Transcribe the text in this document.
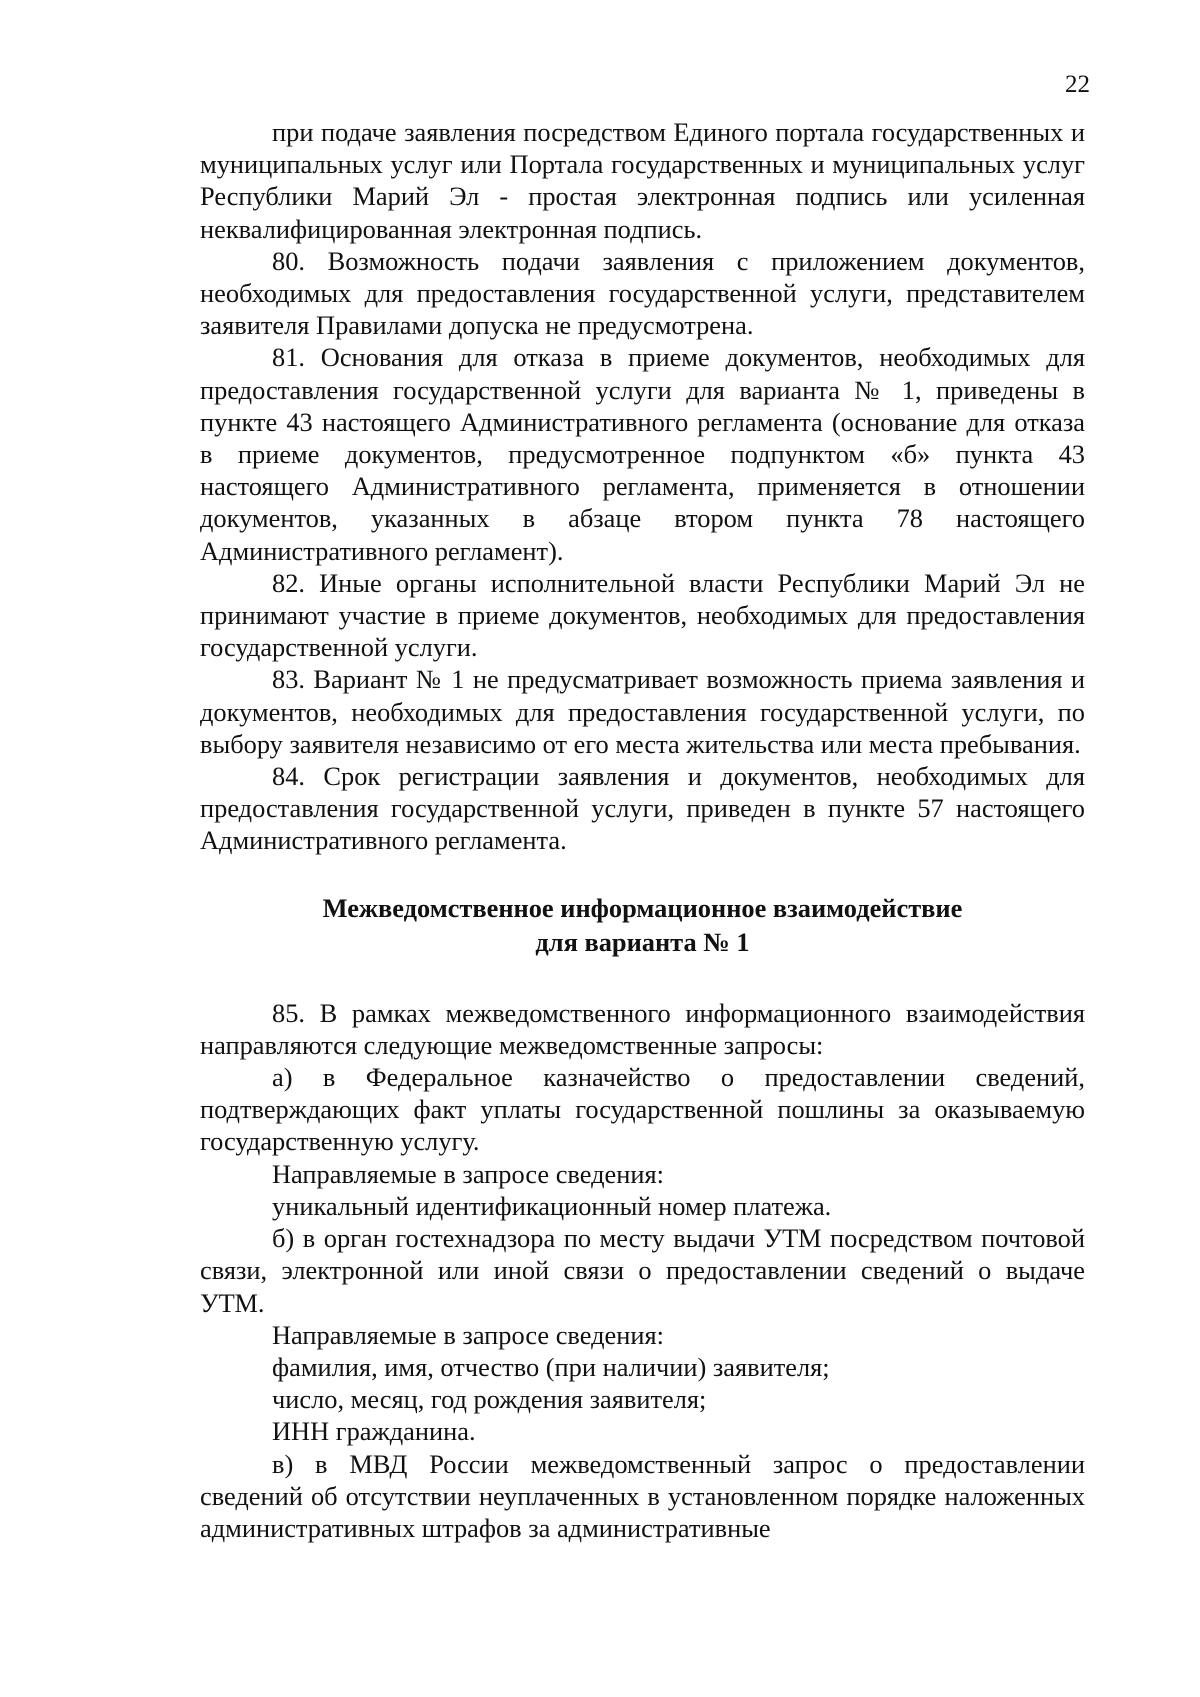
22

при подаче заявления посредством Единого портала государственных и муниципальных услуг или Портала государственных и муниципальных услуг Республики Марий Эл - простая электронная подпись или усиленная неквалифицированная электронная подпись.

80. Возможность подачи заявления с приложением документов, необходимых для предоставления государственной услуги, представителем заявителя Правилами допуска не предусмотрена.

81. Основания для отказа в приеме документов, необходимых для предоставления государственной услуги для варианта № 1, приведены в пункте 43 настоящего Административного регламента (основание для отказа в приеме документов, предусмотренное подпунктом «б» пункта 43 настоящего Административного регламента, применяется в отношении документов, указанных в абзаце втором пункта 78 настоящего Административного регламент).

82. Иные органы исполнительной власти Республики Марий Эл не принимают участие в приеме документов, необходимых для предоставления государственной услуги.

83. Вариант № 1 не предусматривает возможность приема заявления и документов, необходимых для предоставления государственной услуги, по выбору заявителя независимо от его места жительства или места пребывания.

84. Срок регистрации заявления и документов, необходимых для предоставления государственной услуги, приведен в пункте 57 настоящего Административного регламента.

Межведомственное информационное взаимодействие
для варианта № 1

85. В рамках межведомственного информационного взаимодействия направляются следующие межведомственные запросы:

а) в Федеральное казначейство о предоставлении сведений, подтверждающих факт уплаты государственной пошлины за оказываемую государственную услугу.

Направляемые в запросе сведения:

уникальный идентификационный номер платежа.

б) в орган гостехнадзора по месту выдачи УТМ посредством почтовой связи, электронной или иной связи о предоставлении сведений о выдаче УТМ.

Направляемые в запросе сведения:

фамилия, имя, отчество (при наличии) заявителя;

число, месяц, год рождения заявителя;

ИНН гражданина.

в) в МВД России межведомственный запрос о предоставлении сведений об отсутствии неуплаченных в установленном порядке наложенных административных штрафов за административные
